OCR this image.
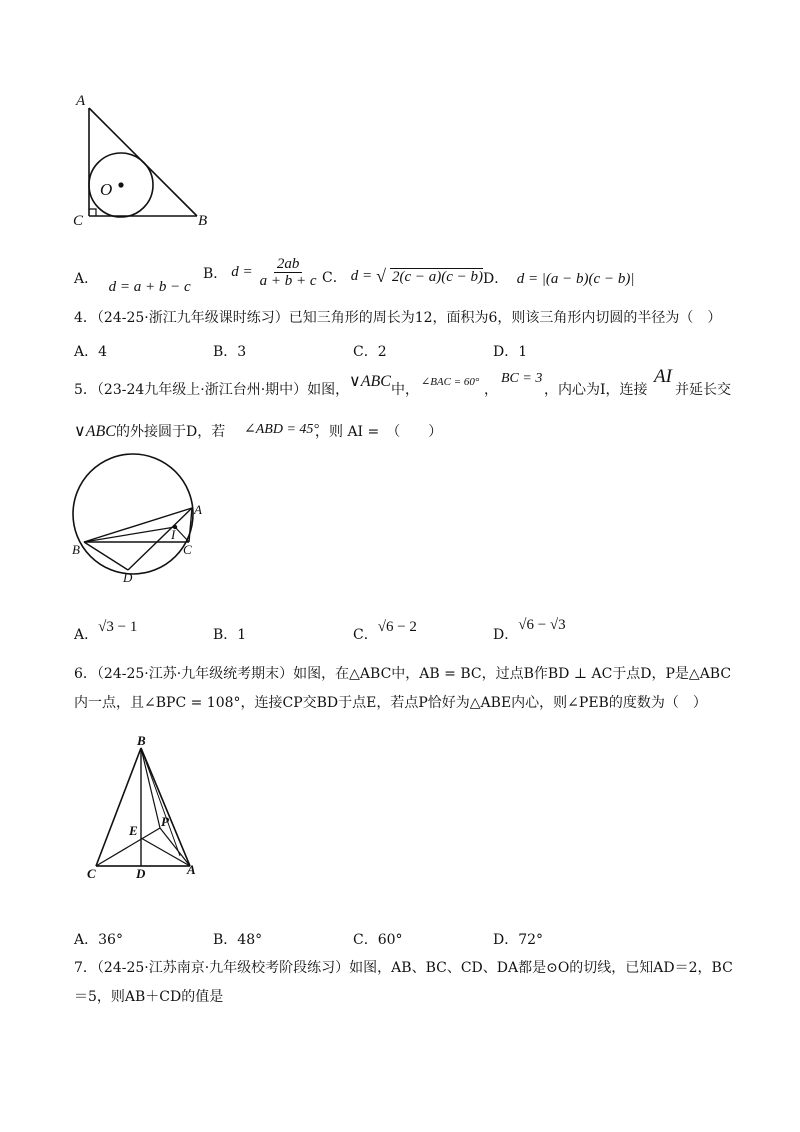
A
O
C	B
A． d = a + b − c
B． $d = \frac{2ab}{a + b + c}$ C． d = √ 2(c − a)(c − b) D． d = |(a − b)(c − b)|
4．（24-25·浙江九年级课时练习）已知三角形的周长为12，面积为6，则该三角形内切圆的半径为（　）
A．4	B．3	C．2	D．1
5．（23-24九年级上·浙江台州·期中）如图， ∨ABC 中， ∠BAC = 60° ，
BC = 3
，内心为I，连接
AI
并延长交
∨ABC 的外接圆于D，若 ∠ABD = 45°
，则 AI =　（　　）
A
I
B	C
D
A．√3 − 1	B．1	C．√6 − 2	D．√6 − √3
6．（24-25·江苏·九年级统考期末）如图，在△ABC中，AB = BC，过点B作BD ⊥ AC于点D，P是△ABC
内一点，且∠BPC = 108°，连接CP交BD于点E，若点P恰好为△ABE内心，则∠PEB的度数为（　）
B
E
P
C	D	A
A．36°	B．48°	C．60°	D．72°
7．（24-25·江苏南京·九年级校考阶段练习）如图，AB、BC、CD、DA都是⊙O的切线，已知AD＝2，BC
＝5，则AB＋CD的值是
